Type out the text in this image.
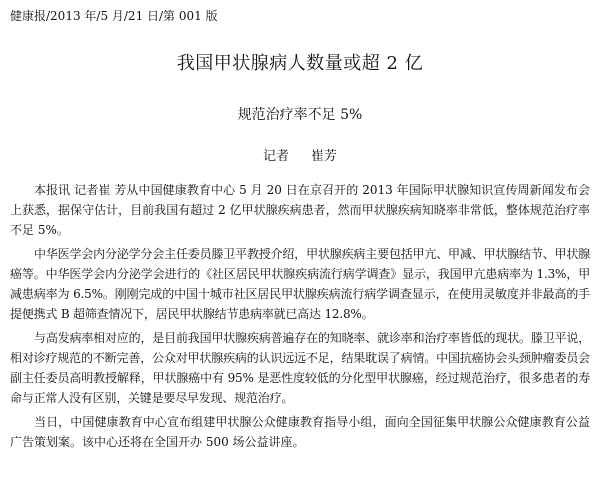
健康报/2013 年/5 月/21 日/第 001 版
我国甲状腺病人数量或超 2 亿
规范治疗率不足 5%
记者 崔芳

本报讯 记者崔 芳从中国健康教育中心 5 月 20 日在京召开的 2013 年国际甲状腺知识宣传周新闻发布会上获悉，据保守估计，目前我国有超过 2 亿甲状腺疾病患者，然而甲状腺疾病知晓率非常低，整体规范治疗率不足 5%。

中华医学会内分泌学分会主任委员滕卫平教授介绍，甲状腺疾病主要包括甲亢、甲减、甲状腺结节、甲状腺癌等。中华医学会内分泌学会进行的《社区居民甲状腺疾病流行病学调查》显示，我国甲亢患病率为 1.3%，甲减患病率为 6.5%。刚刚完成的中国十城市社区居民甲状腺疾病流行病学调查显示，在使用灵敏度并非最高的手提便携式 B 超筛查情况下，居民甲状腺结节患病率就已高达 12.8%。

与高发病率相对应的，是目前我国甲状腺疾病普遍存在的知晓率、就诊率和治疗率皆低的现状。滕卫平说，相对诊疗规范的不断完善，公众对甲状腺疾病的认识远远不足，结果耽误了病情。中国抗癌协会头颈肿瘤委员会副主任委员高明教授解释，甲状腺癌中有 95% 是恶性度较低的分化型甲状腺癌，经过规范治疗，很多患者的寿命与正常人没有区别，关键是要尽早发现、规范治疗。

当日，中国健康教育中心宣布组建甲状腺公众健康教育指导小组，面向全国征集甲状腺公众健康教育公益广告策划案。该中心还将在全国开办 500 场公益讲座。
